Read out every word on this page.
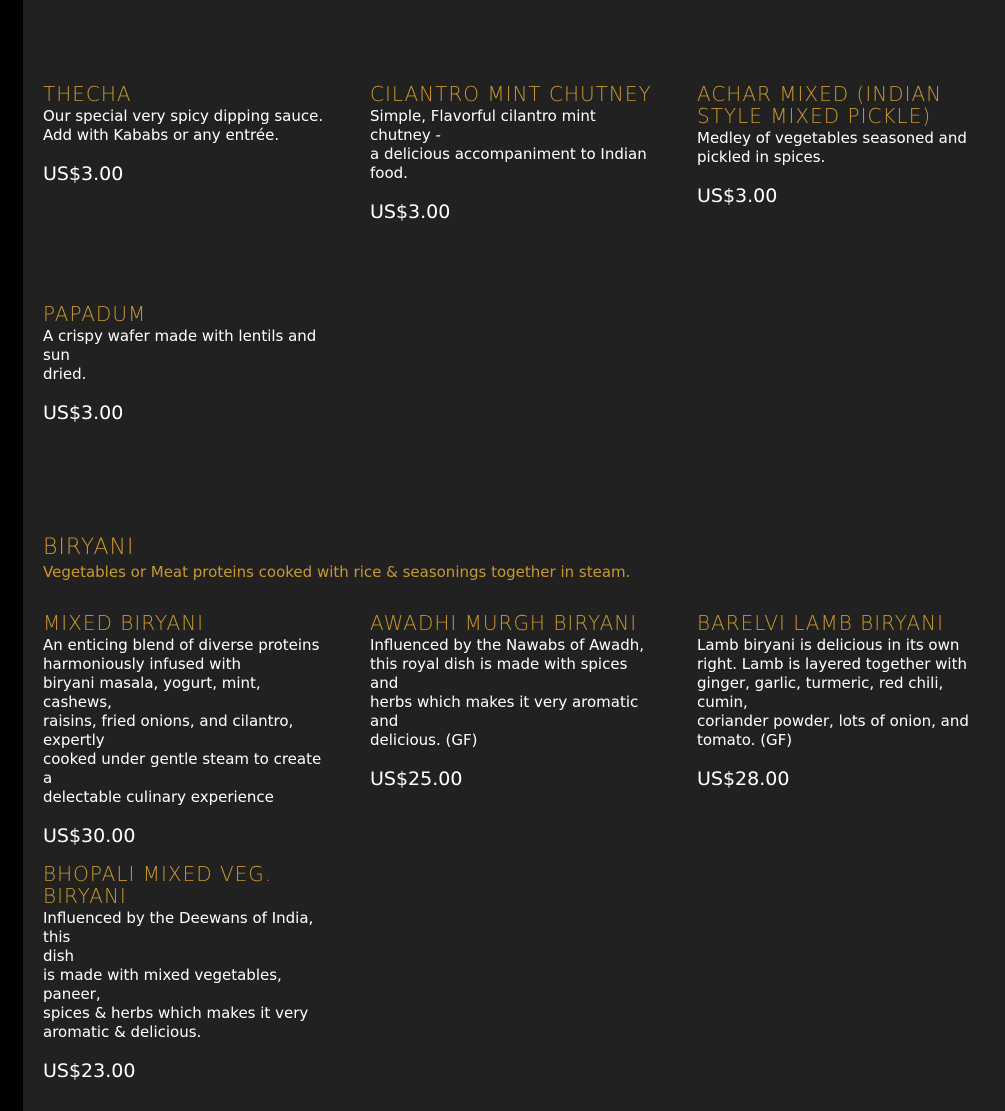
THECHA

Our special very spicy dipping sauce.
Add with Kababs or any entrée.

US$3.00
CILANTRO MINT CHUTNEY

Simple, Flavorful cilantro mint chutney -
a delicious accompaniment to Indian
food.

US$3.00
ACHAR MIXED (INDIAN
STYLE MIXED PICKLE)

Medley of vegetables seasoned and
pickled in spices.

US$3.00
PAPADUM

A crispy wafer made with lentils and sun
dried.

US$3.00
BIRYANI

Vegetables or Meat proteins cooked with rice & seasonings together in steam.

MIXED BIRYANI

An enticing blend of diverse proteins
harmoniously infused with
biryani masala, yogurt, mint, cashews,
raisins, fried onions, and cilantro,
expertly
cooked under gentle steam to create a
delectable culinary experience

US$30.00
AWADHI MURGH BIRYANI

Influenced by the Nawabs of Awadh,
this royal dish is made with spices and
herbs which makes it very aromatic and
delicious. (GF)

US$25.00
BARELVI LAMB BIRYANI

Lamb biryani is delicious in its own
right. Lamb is layered together with
ginger, garlic, turmeric, red chili, cumin,
coriander powder, lots of onion, and
tomato. (GF)

US$28.00
BHOPALI MIXED VEG.
BIRYANI

Influenced by the Deewans of India, this
dish
is made with mixed vegetables, paneer,
spices & herbs which makes it very
aromatic & delicious.

US$23.00
